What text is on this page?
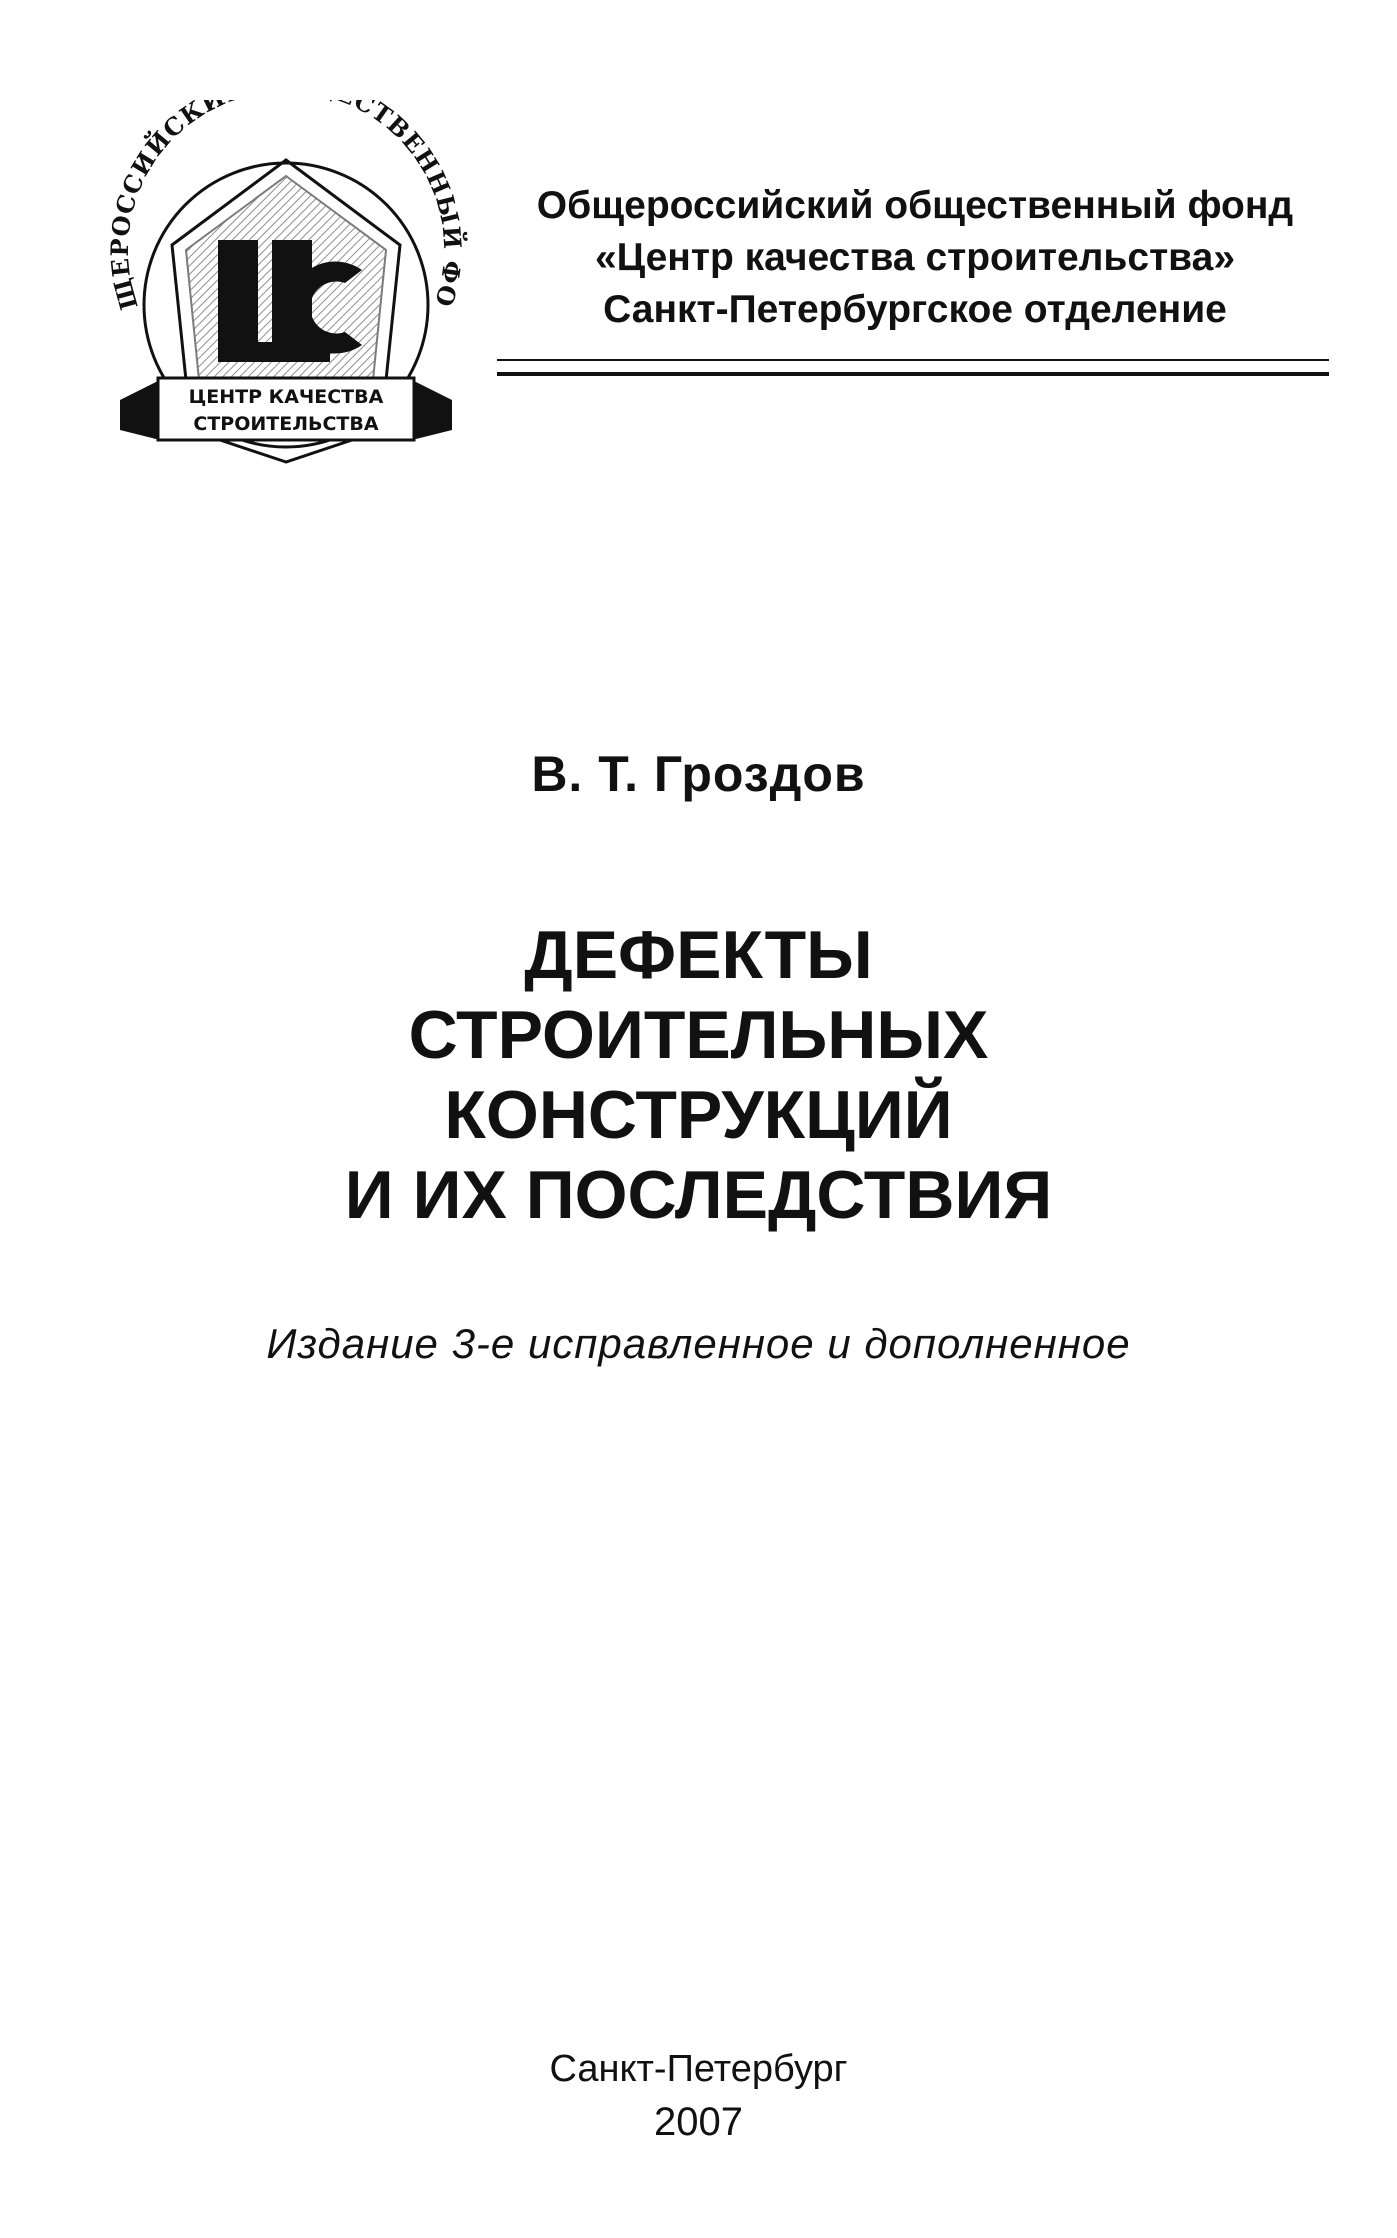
ЩЕРОССИЙСК СТВЕННЫЙ ФО
ЦЕНТР КАЧЕСТВА
СТРОИТЕЛЬСТВА
Общероссийский общественный фонд
«Центр качества строительства»
Санкт-Петербургское отделение
В. Т. Гроздов
ДЕФЕКТЫ
СТРОИТЕЛЬНЫХ
КОНСТРУКЦИЙ
И ИХ ПОСЛЕДСТВИЯ
Издание 3-е исправленное и дополненное
Санкт-Петербург
2007
